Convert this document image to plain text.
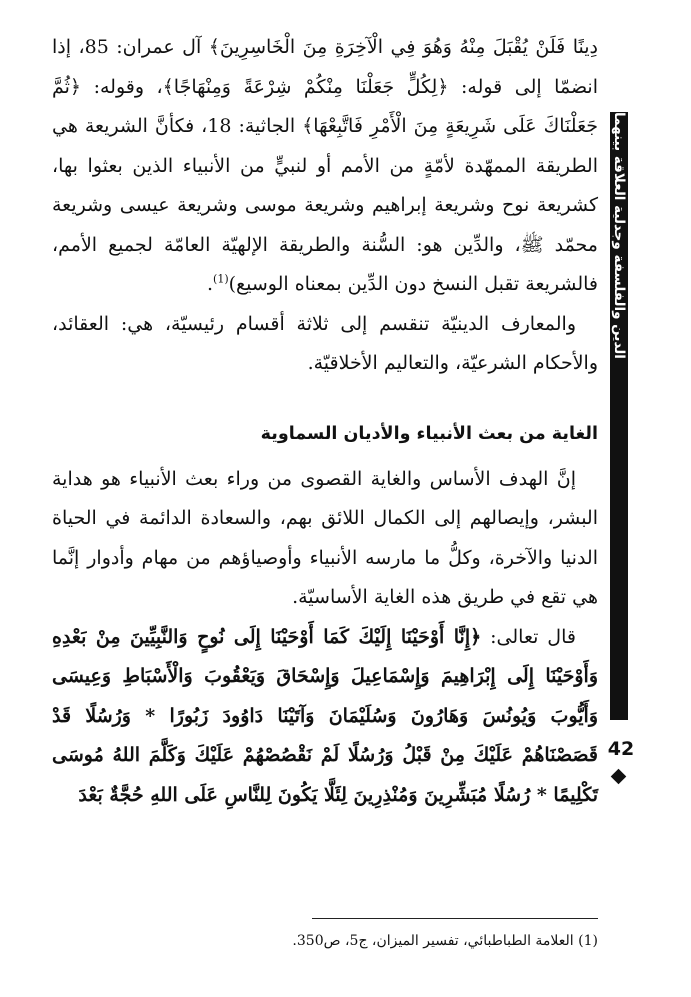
دِينًا فَلَنْ يُقْبَلَ مِنْهُ وَهُوَ فِي الْآخِرَةِ مِنَ الْخَاسِرِينَ﴾ آل عمران: 85، إذا انضمّا إلى قوله: ﴿لِكُلٍّ جَعَلْنَا مِنْكُمْ شِرْعَةً وَمِنْهَاجًا﴾، وقوله: ﴿ثُمَّ جَعَلْنَاكَ عَلَى شَرِيعَةٍ مِنَ الْأَمْرِ فَاتَّبِعْهَا﴾ الجاثية: 18، فكأنَّ الشريعة هي الطريقة الممهّدة لأمّةٍ من الأمم أو لنبيٍّ من الأنبياء الذين بعثوا بها، كشريعة نوح وشريعة إبراهيم وشريعة موسى وشريعة عيسى وشريعة محمّد ﷺ، والدِّين هو: السُّنة والطريقة الإلهيّة العامّة لجميع الأمم، فالشريعة تقبل النسخ دون الدِّين بمعناه الوسيع)$^{(1)}$.

والمعارف الدينيّة تنقسم إلى ثلاثة أقسام رئيسيّة، هي: العقائد، والأحكام الشرعيّة، والتعاليم الأخلاقيّة.

الغاية من بعث الأنبياء والأديان السماوية

إنَّ الهدف الأساس والغاية القصوى من وراء بعث الأنبياء هو هداية البشر، وإيصالهم إلى الكمال اللائق بهم، والسعادة الدائمة في الحياة الدنيا والآخرة، وكلُّ ما مارسه الأنبياء وأوصياؤهم من مهام وأدوار إنَّما هي تقع في طريق هذه الغاية الأساسيّة.

قال تعالى: ﴿إِنَّا أَوْحَيْنَا إِلَيْكَ كَمَا أَوْحَيْنَا إِلَى نُوحٍ وَالنَّبِيِّينَ مِنْ بَعْدِهِ وَأَوْحَيْنَا إِلَى إِبْرَاهِيمَ وَإِسْمَاعِيلَ وَإِسْحَاقَ وَيَعْقُوبَ وَالْأَسْبَاطِ وَعِيسَى وَأَيُّوبَ وَيُونُسَ وَهَارُونَ وَسُلَيْمَانَ وَآتَيْنَا دَاوُودَ زَبُورًا * وَرُسُلًا قَدْ قَصَصْنَاهُمْ عَلَيْكَ مِنْ قَبْلُ وَرُسُلًا لَمْ نَقْصُصْهُمْ عَلَيْكَ وَكَلَّمَ اللهُ مُوسَى تَكْلِيمًا * رُسُلًا مُبَشِّرِينَ وَمُنْذِرِينَ لِئَلَّا يَكُونَ لِلنَّاسِ عَلَى اللهِ حُجَّةٌ بَعْدَ

الدين والفلسفة وجدلية العلاقة بينهما
42
(1) العلامة الطباطبائي، تفسير الميزان، ج5، ص350.
